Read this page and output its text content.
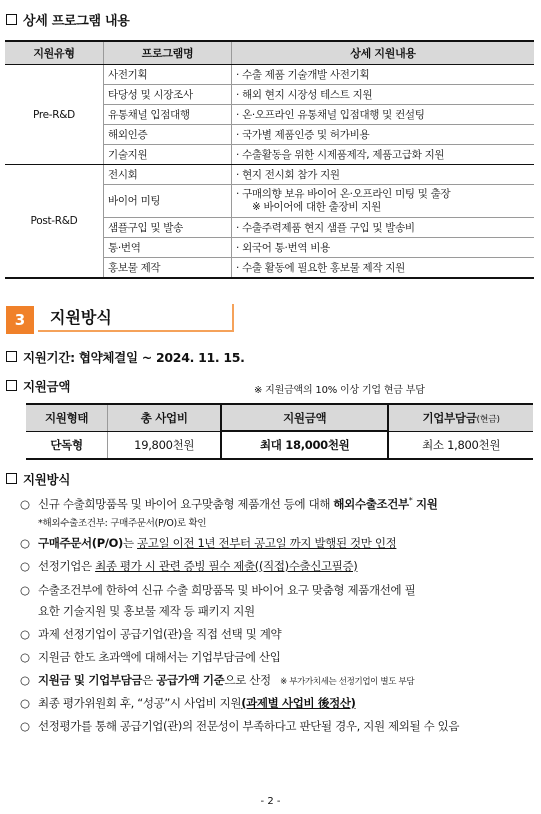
상세 프로그램 내용
지원유형	프로그램명	상세 지원내용
Pre-R&D	사전기획	· 수출 제품 기술개발 사전기획
	타당성 및 시장조사	· 해외 현지 시장성 테스트 지원
	유통채널 입점대행	· 온·오프라인 유통채널 입점대행 및 컨설팅
	해외인증	· 국가별 제품인증 및 허가비용
	기술지원	· 수출활동을 위한 시제품제작, 제품고급화 지원
Post-R&D	전시회	· 현지 전시회 참가 지원
	바이어 미팅	· 구매의향 보유 바이어 온·오프라인 미팅 및 출장
※ 바이어에 대한 출장비 지원

	샘플구입 및 발송	· 수출주력제품 현지 샘플 구입 및 발송비
	통·번역	· 외국어 통·번역 비용
	홍보물 제작	· 수출 활동에 필요한 홍보물 제작 지원
3	지원방식
지원기간: 협약체결일 ~ 2024. 11. 15.
지원금액	※ 지원금액의 10% 이상 기업 현금 부담
지원형태	총 사업비	지원금액	기업부담금(현금)
단독형	19,800천원	최대 18,000천원	최소 1,800천원
지원방식
○ 신규 수출희망품목 및 바이어 요구맞춤형 제품개선 등에 대해 해외수출조건부* 지원
*해외수출조건부: 구매주문서(P/O)로 확인
○ 구매주문서(P/O)는 공고일 이전 1년 전부터 공고일 까지 발행된 것만 인정
○ 선정기업은 최종 평가 시 관련 증빙 필수 제출((직접)수출신고필증)
○ 수출조건부에 한하여 신규 수출 희망품목 및 바이어 요구 맞춤형 제품개선에 필
요한 기술지원 및 홍보물 제작 등 패키지 지원
○ 과제 선정기업이 공급기업(관)을 직접 선택 및 계약
○ 지원금 한도 초과액에 대해서는 기업부담금에 산입
○ 지원금 및 기업부담금은 공급가액 기준으로 산정 ※ 부가가치세는 선정기업이 별도 부담
○ 최종 평가위원회 후, “성공”시 사업비 지원(과제별 사업비 後정산)
○ 선정평가를 통해 공급기업(관)의 전문성이 부족하다고 판단될 경우, 지원 제외될 수 있음
- 2 -
